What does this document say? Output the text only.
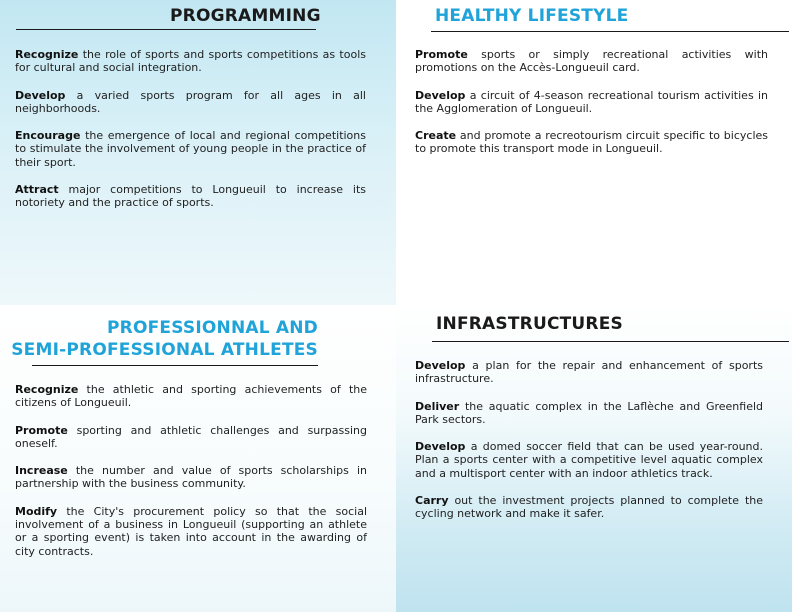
PROGRAMMING

Recognize the role of sports and sports competitions as tools for cultural and social integration.

Develop a varied sports program for all ages in all neighborhoods.

Encourage the emergence of local and regional competitions to stimulate the involvement of young people in the practice of their sport.

Attract major competitions to Longueuil to increase its notoriety and the practice of sports.

HEALTHY LIFESTYLE

Promote sports or simply recreational activities with promotions on the Accès-Longueuil card.

Develop a circuit of 4-season recreational tourism activities in the Agglomeration of Longueuil.

Create and promote a recreotourism circuit specific to bicycles to promote this transport mode in Longueuil.

PROFESSIONNAL AND
SEMI-PROFESSIONAL ATHLETES

Recognize the athletic and sporting achievements of the citizens of Longueuil.

Promote sporting and athletic challenges and surpassing oneself.

Increase the number and value of sports scholarships in partnership with the business community.

Modify the City's procurement policy so that the social involvement of a business in Longueuil (supporting an athlete or a sporting event) is taken into account in the awarding of city contracts.

INFRASTRUCTURES

Develop a plan for the repair and enhancement of sports infrastructure.

Deliver the aquatic complex in the Laflèche and Greenfield Park sectors.

Develop a domed soccer field that can be used year-round. Plan a sports center with a competitive level aquatic complex and a multisport center with an indoor athletics track.

Carry out the investment projects planned to complete the cycling network and make it safer.
